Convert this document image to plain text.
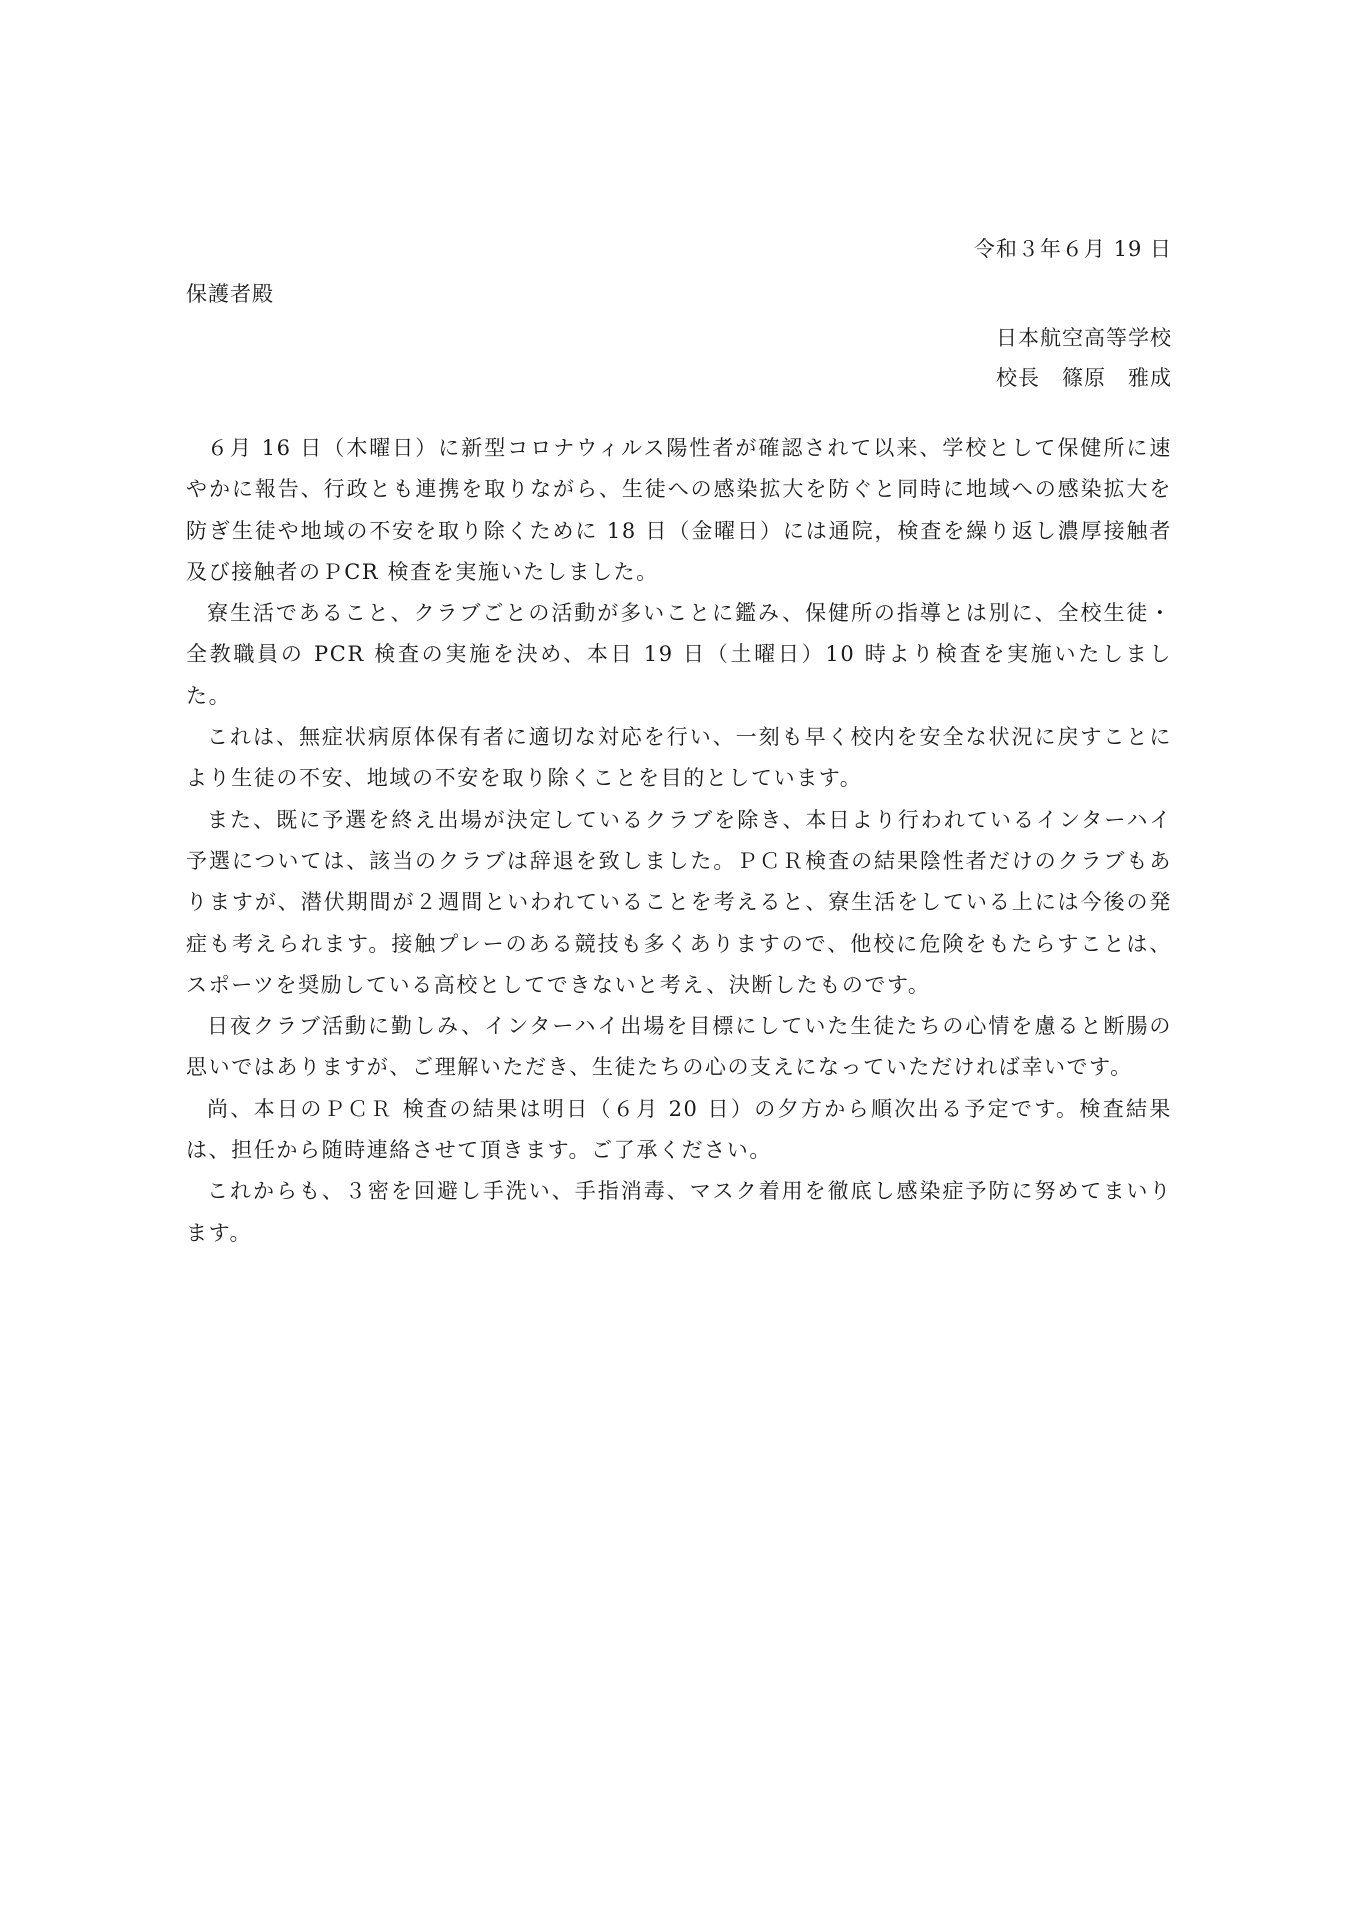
令和３年６月 19 日
保護者殿
日本航空高等学校
校長　篠原　雅成

６月 16 日（木曜日）に新型コロナウィルス陽性者が確認されて以来、学校として保健所に速やかに報告、行政とも連携を取りながら、生徒への感染拡大を防ぐと同時に地域への感染拡大を防ぎ生徒や地域の不安を取り除くために 18 日（金曜日）には通院，検査を繰り返し濃厚接触者及び接触者のＰCR 検査を実施いたしました。

寮生活であること、クラブごとの活動が多いことに鑑み、保健所の指導とは別に、全校生徒・全教職員の PCR 検査の実施を決め、本日 19 日（土曜日）10 時より検査を実施いたしました。

これは、無症状病原体保有者に適切な対応を行い、一刻も早く校内を安全な状況に戻すことにより生徒の不安、地域の不安を取り除くことを目的としています。

また、既に予選を終え出場が決定しているクラブを除き、本日より行われているインターハイ予選については、該当のクラブは辞退を致しました。ＰＣＲ検査の結果陰性者だけのクラブもありますが、潜伏期間が２週間といわれていることを考えると、寮生活をしている上には今後の発症も考えられます。接触プレーのある競技も多くありますので、他校に危険をもたらすことは、スポーツを奨励している高校としてできないと考え、決断したものです。

日夜クラブ活動に勤しみ、インターハイ出場を目標にしていた生徒たちの心情を慮ると断腸の思いではありますが、ご理解いただき、生徒たちの心の支えになっていただければ幸いです。

尚、本日のＰＣＲ 検査の結果は明日（６月 20 日）の夕方から順次出る予定です。検査結果は、担任から随時連絡させて頂きます。ご了承ください。

これからも、３密を回避し手洗い、手指消毒、マスク着用を徹底し感染症予防に努めてまいります。
